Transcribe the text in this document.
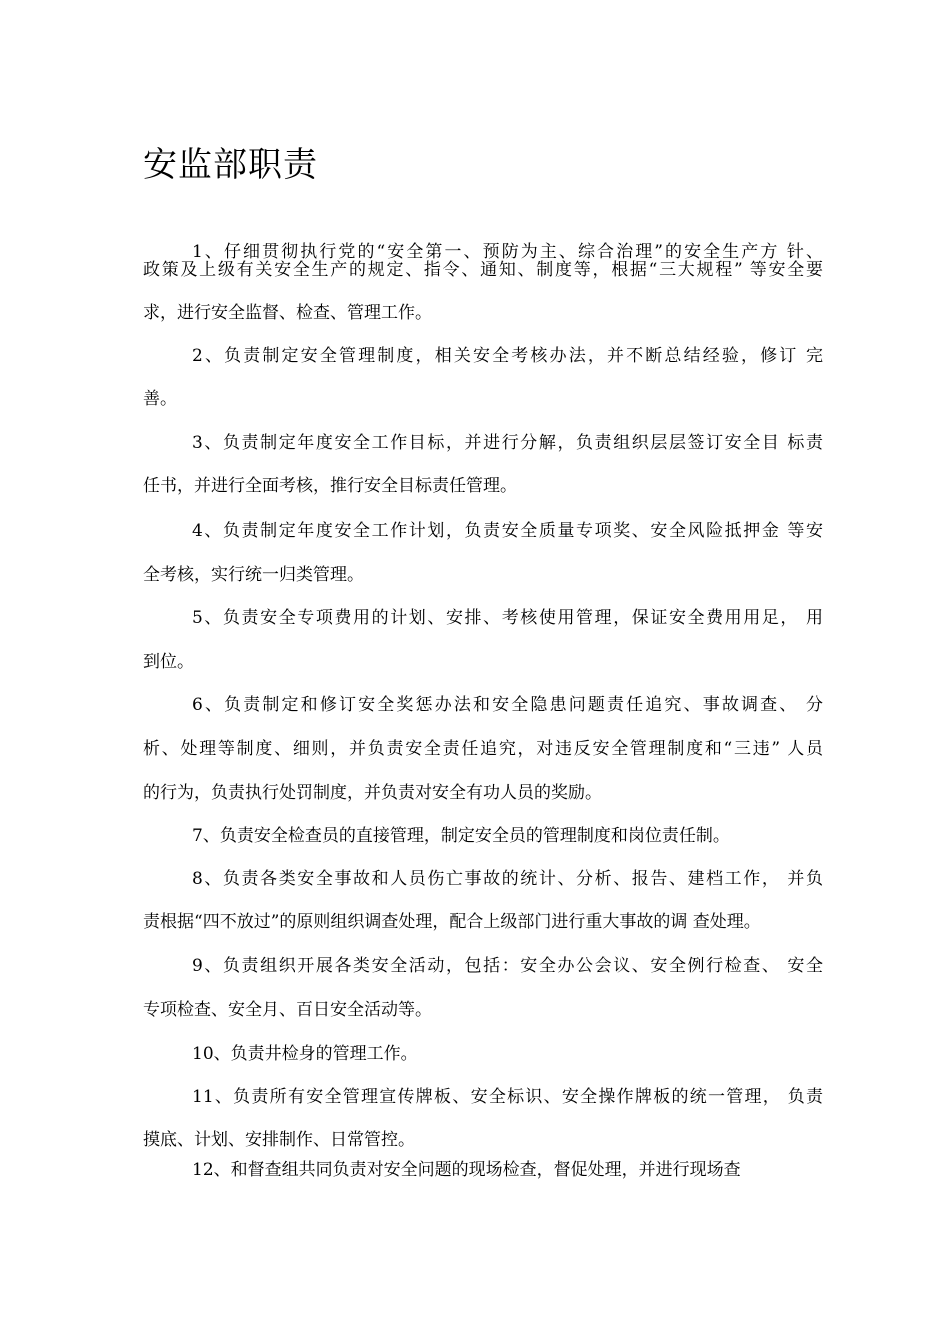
安监部职责
1、仔细贯彻执行党的“安全第一、预防为主、综合治理”的安全生产方 针、
政策及上级有关安全生产的规定、指令、通知、制度等，根据“三大规程” 等安全要
求，进行安全监督、检查、管理工作。
2、负责制定安全管理制度，相关安全考核办法，并不断总结经验，修订 完
善。
3、负责制定年度安全工作目标，并进行分解，负责组织层层签订安全目 标责
任书，并进行全面考核，推行安全目标责任管理。
4、负责制定年度安全工作计划，负责安全质量专项奖、安全风险抵押金 等安
全考核，实行统一归类管理。
5、负责安全专项费用的计划、安排、考核使用管理，保证安全费用用足， 用
到位。
6、负责制定和修订安全奖惩办法和安全隐患问题责任追究、事故调查、 分
析、处理等制度、细则，并负责安全责任追究，对违反安全管理制度和“三违” 人员
的行为，负责执行处罚制度，并负责对安全有功人员的奖励。
7、负责安全检查员的直接管理，制定安全员的管理制度和岗位责任制。
8、负责各类安全事故和人员伤亡事故的统计、分析、报告、建档工作， 并负
责根据“四不放过”的原则组织调查处理，配合上级部门进行重大事故的调 查处理。
9、负责组织开展各类安全活动，包括：安全办公会议、安全例行检查、 安全
专项检查、安全月、百日安全活动等。
10、负责井检身的管理工作。
11、负责所有安全管理宣传牌板、安全标识、安全操作牌板的统一管理， 负责
摸底、计划、安排制作、日常管控。
12、和督查组共同负责对安全问题的现场检查，督促处理，并进行现场查
